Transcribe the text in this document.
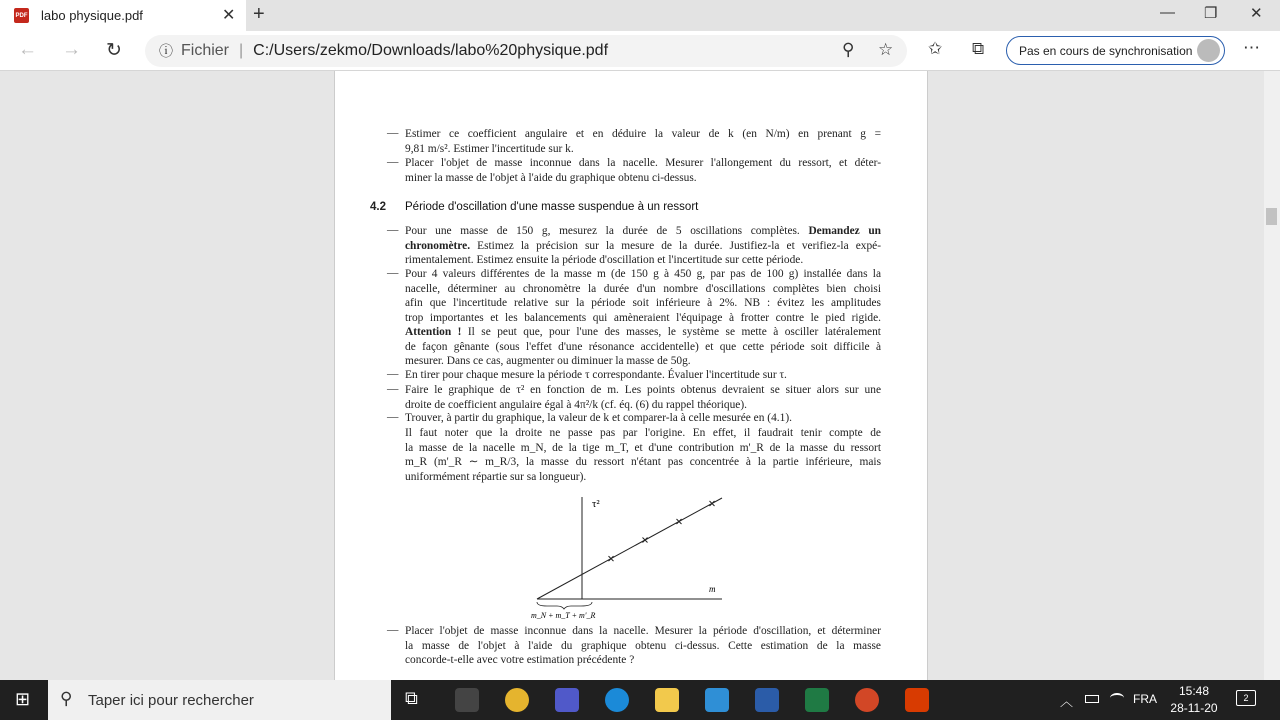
PDF labo physique.pdf	✕ +	— ❐ ✕
← → ↻	ⓘ Fichier | C:/Users/zekmo/Downloads/labo%20physique.pdf	⚲ ☆ ✩ ⧉	Pas en cours de synchronisation	⋯
— Estimer ce coefficient angulaire et en déduire la valeur de k (en N/m) en prenant g =
9,81 m/s². Estimer l'incertitude sur k.
— Placer l'objet de masse inconnue dans la nacelle. Mesurer l'allongement du ressort, et déter-
miner la masse de l'objet à l'aide du graphique obtenu ci-dessus.
— Pour une masse de 150 g, mesurez la durée de 5 oscillations complètes. Demandez un
chronomètre. Estimez la précision sur la mesure de la durée. Justifiez-la et verifiez-la expé-
rimentalement. Estimez ensuite la période d'oscillation et l'incertitude sur cette période.
— Pour 4 valeurs différentes de la masse m (de 150 g à 450 g, par pas de 100 g) installée dans la
nacelle, déterminer au chronomètre la durée d'un nombre d'oscillations complètes bien choisi
afin que l'incertitude relative sur la période soit inférieure à 2%. NB : évitez les amplitudes
trop importantes et les balancements qui amèneraient l'équipage à frotter contre le pied rigide.
Attention ! Il se peut que, pour l'une des masses, le système se mette à osciller latéralement
de façon gênante (sous l'effet d'une résonance accidentelle) et que cette période soit difficile à
mesurer. Dans ce cas, augmenter ou diminuer la masse de 50g.
— En tirer pour chaque mesure la période τ correspondante. Évaluer l'incertitude sur τ.
— Faire le graphique de τ² en fonction de m. Les points obtenus devraient se situer alors sur une
droite de coefficient angulaire égal à 4π²/k (cf. éq. (6) du rappel théorique).
— Trouver, à partir du graphique, la valeur de k et comparer-la à celle mesurée en (4.1).
Il faut noter que la droite ne passe pas par l'origine. En effet, il faudrait tenir compte de
la masse de la nacelle m_N, de la tige m_T, et d'une contribution m'_R de la masse du ressort
m_R (m'_R ∼ m_R/3, la masse du ressort n'étant pas concentrée à la partie inférieure, mais
uniformément répartie sur sa longueur).
— Placer l'objet de masse inconnue dans la nacelle. Mesurer la période d'oscillation, et déterminer
la masse de l'objet à l'aide du graphique obtenu ci-dessus. Cette estimation de la masse
concorde-t-elle avec votre estimation précédente ?
4.2 Période d'oscillation d'une masse suspendue à un ressort
τ²
m
m_N + m_T + m'_R
⊞ ⚲ Taper ici pour rechercher	⧉	︿	FRA
15:48
28-11-20
2
